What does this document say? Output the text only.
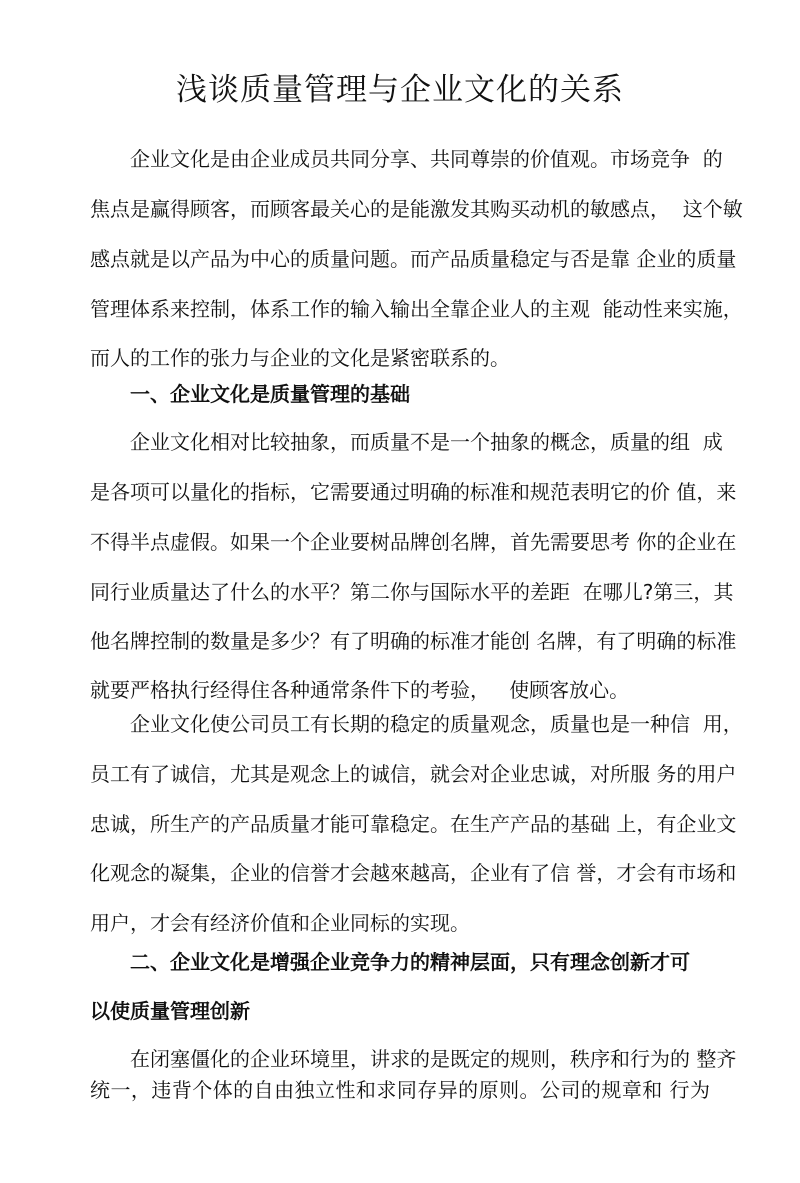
浅谈质量管理与企业文化的关系

企业文化是由企业成员共同分享、共同尊崇的价值观。市场竞争  的

焦点是赢得顾客，而顾客最关心的是能激发其购买动机的敏感点，  这个敏

感点就是以产品为中心的质量问题。而产品质量稳定与否是靠 企业的质量

管理体系来控制，体系工作的输入输出全靠企业人的主观  能动性来实施，

而人的工作的张力与企业的文化是紧密联系的。

一、企业文化是质量管理的基础

企业文化相对比较抽象，而质量不是一个抽象的概念，质量的组  成

是各项可以量化的指标，它需要通过明确的标准和规范表明它的价 值，来

不得半点虚假。如果一个企业要树品牌创名牌，首先需要思考 你的企业在

同行业质量达了什么的水平？第二你与国际水平的差距  在哪儿?第三，其

他名牌控制的数量是多少？有了明确的标准才能创 名牌，有了明确的标准

就要严格执行经得住各种通常条件下的考验，   使顾客放心。

企业文化使公司员工有长期的稳定的质量观念，质量也是一种信  用，

员工有了诚信，尤其是观念上的诚信，就会对企业忠诚，对所服 务的用户

忠诚，所生产的产品质量才能可靠稳定。在生产产品的基础 上，有企业文

化观念的凝集，企业的信誉才会越來越高，企业有了信 誉，才会有市场和

用户，才会有经济价值和企业同标的实现。

二、企业文化是增强企业竞争力的精神层面，只有理念创新才可

以使质量管理创新

在闭塞僵化的企业环境里，讲求的是既定的规则，秩序和行为的 整齐

统一，违背个体的自由独立性和求同存异的原则。公司的规章和 行为
